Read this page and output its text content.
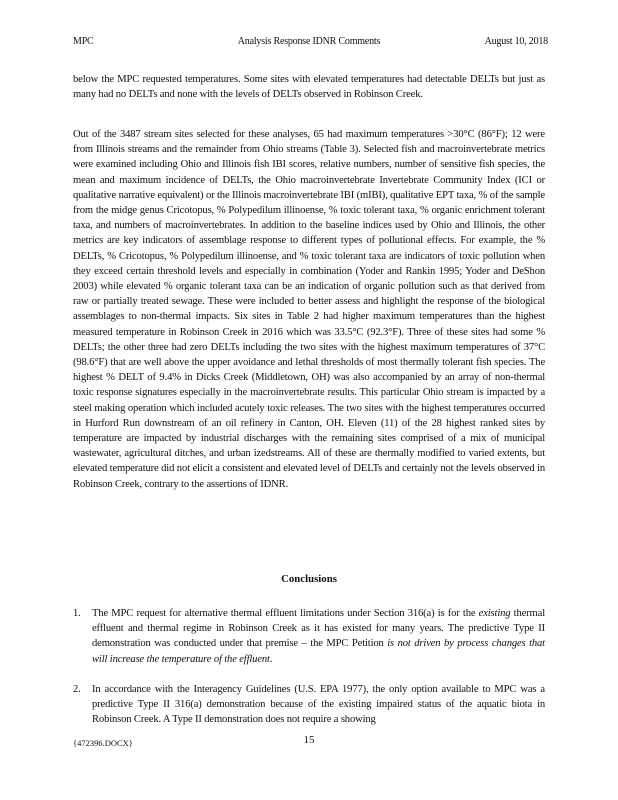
MPC	Analysis Response IDNR Comments	August 10, 2018

below the MPC requested temperatures. Some sites with elevated temperatures had detectable DELTs but just as many had no DELTs and none with the levels of DELTs observed in Robinson Creek.

Out of the 3487 stream sites selected for these analyses, 65 had maximum temperatures >30°C (86°F); 12 were from Illinois streams and the remainder from Ohio streams (Table 3). Selected fish and macroinvertebrate metrics were examined including Ohio and Illinois fish IBI scores, relative numbers, number of sensitive fish species, the mean and maximum incidence of DELTs, the Ohio macroinvertebrate Invertebrate Community Index (ICI or qualitative narrative equivalent) or the Illinois macroinvertebrate IBI (mIBI), qualitative EPT taxa, % of the sample from the midge genus Cricotopus, % Polypedilum illinoense, % toxic tolerant taxa, % organic enrichment tolerant taxa, and numbers of macroinvertebrates. In addition to the baseline indices used by Ohio and Illinois, the other metrics are key indicators of assemblage response to different types of pollutional effects. For example, the % DELTs, % Cricotopus, % Polypedilum illinoense, and % toxic tolerant taxa are indicators of toxic pollution when they exceed certain threshold levels and especially in combination (Yoder and Rankin 1995; Yoder and DeShon 2003) while elevated % organic tolerant taxa can be an indication of organic pollution such as that derived from raw or partially treated sewage. These were included to better assess and highlight the response of the biological assemblages to non-thermal impacts. Six sites in Table 2 had higher maximum temperatures than the highest measured temperature in Robinson Creek in 2016 which was 33.5°C (92.3°F). Three of these sites had some % DELTs; the other three had zero DELTs including the two sites with the highest maximum temperatures of 37°C (98.6°F) that are well above the upper avoidance and lethal thresholds of most thermally tolerant fish species. The highest % DELT of 9.4% in Dicks Creek (Middletown, OH) was also accompanied by an array of non-thermal toxic response signatures especially in the macroinvertebrate results. This particular Ohio stream is impacted by a steel making operation which included acutely toxic releases. The two sites with the highest temperatures occurred in Hurford Run downstream of an oil refinery in Canton, OH. Eleven (11) of the 28 highest ranked sites by temperature are impacted by industrial discharges with the remaining sites comprised of a mix of municipal wastewater, agricultural ditches, and urban izedstreams. All of these are thermally modified to varied extents, but elevated temperature did not elicit a consistent and elevated level of DELTs and certainly not the levels observed in Robinson Creek, contrary to the assertions of IDNR.

Conclusions
1.	The MPC request for alternative thermal effluent limitations under Section 316(a) is for the existing thermal effluent and thermal regime in Robinson Creek as it has existed for many years. The predictive Type II demonstration was conducted under that premise – the MPC Petition is not driven by process changes that will increase the temperature of the effluent.
2.	In accordance with the Interagency Guidelines (U.S. EPA 1977), the only option available to MPC was a predictive Type II 316(a) demonstration because of the existing impaired status of the aquatic biota in Robinson Creek. A Type II demonstration does not require a showing
{472396.DOCX}	15
